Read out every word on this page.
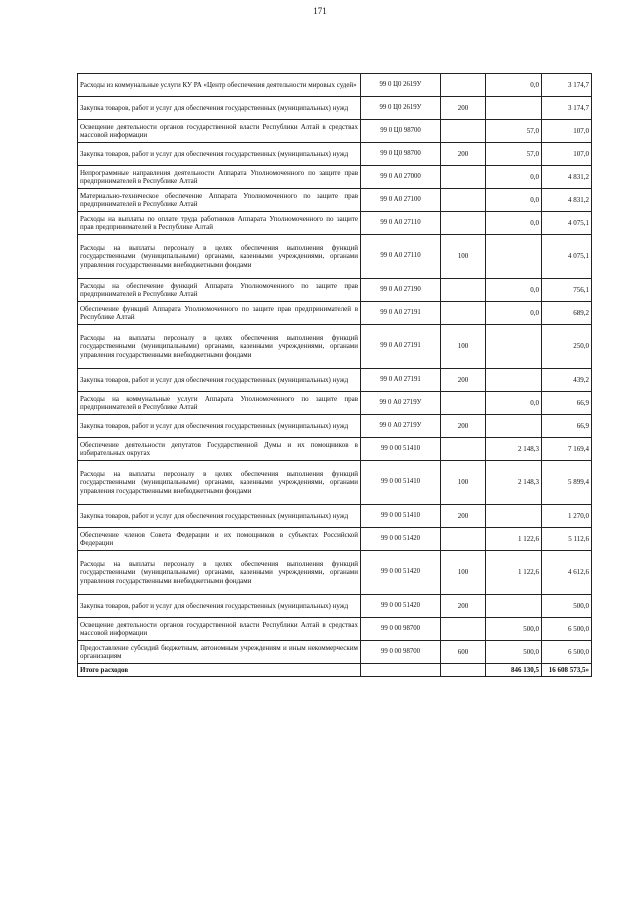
171
Расходы из коммунальные услуги КУ РА «Центр обеспечения деятельности мировых судей»	99 0 Ц0 2619У		0,0	3 174,7
Закупка товаров, работ и услуг для обеспечения государственных (муниципальных) нужд	99 0 Ц0 2619У	200		3 174,7
Освещение деятельности органов государственной власти Республики Алтай в средствах массовой информации	99 0 Ц0 98700		57,0	107,0
Закупка товаров, работ и услуг для обеспечения государственных (муниципальных) нужд	99 0 Ц0 98700	200	57,0	107,0
Непрограммные направления деятельности Аппарата Уполномоченного по защите прав предпринимателей в Республике Алтай	99 0 А0 27000		0,0	4 831,2
Материально-техническое обеспечение Аппарата Уполномоченного по защите прав предпринимателей в Республике Алтай	99 0 А0 27100		0,0	4 831,2
Расходы на выплаты по оплате труда работников Аппарата Уполномоченного по защите прав предпринимателей в Республике Алтай	99 0 А0 27110		0,0	4 075,1
Расходы на выплаты персоналу в целях обеспечения выполнения функций государственными (муниципальными) органами, казенными учреждениями, органами управления государственными внебюджетными фондами	99 0 А0 27110	100		4 075,1
Расходы на обеспечение функций Аппарата Уполномоченного по защите прав предпринимателей в Республике Алтай	99 0 А0 27190		0,0	756,1
Обеспечение функций Аппарата Уполномоченного по защите прав предпринимателей в Республике Алтай	99 0 А0 27191		0,0	689,2
Расходы на выплаты персоналу в целях обеспечения выполнения функций государственными (муниципальными) органами, казенными учреждениями, органами управления государственными внебюджетными фондами	99 0 А0 27191	100		250,0
Закупка товаров, работ и услуг для обеспечения государственных (муниципальных) нужд	99 0 А0 27191	200		439,2
Расходы на коммунальные услуги Аппарата Уполномоченного по защите прав предпринимателей в Республике Алтай	99 0 А0 2719У		0,0	66,9
Закупка товаров, работ и услуг для обеспечения государственных (муниципальных) нужд	99 0 А0 2719У	200		66,9
Обеспечение деятельности депутатов Государственной Думы и их помощников в избирательных округах	99 0 00 51410		2 148,3	7 169,4
Расходы на выплаты персоналу в целях обеспечения выполнения функций государственными (муниципальными) органами, казенными учреждениями, органами управления государственными внебюджетными фондами	99 0 00 51410	100	2 148,3	5 899,4
Закупка товаров, работ и услуг для обеспечения государственных (муниципальных) нужд	99 0 00 51410	200		1 270,0
Обеспечение членов Совета Федерации и их помощников в субъектах Российской Федерации	99 0 00 51420		1 122,6	5 112,6
Расходы на выплаты персоналу в целях обеспечения выполнения функций государственными (муниципальными) органами, казенными учреждениями, органами управления государственными внебюджетными фондами	99 0 00 51420	100	1 122,6	4 612,6
Закупка товаров, работ и услуг для обеспечения государственных (муниципальных) нужд	99 0 00 51420	200		500,0
Освещение деятельности органов государственной власти Республики Алтай в средствах массовой информации	99 0 00 98700		500,0	6 500,0
Предоставление субсидий бюджетным, автономным учреждениям и иным некоммерческим организациям	99 0 00 98700	600	500,0	6 500,0
Итого расходов			846 130,5	16 608 573,5»
